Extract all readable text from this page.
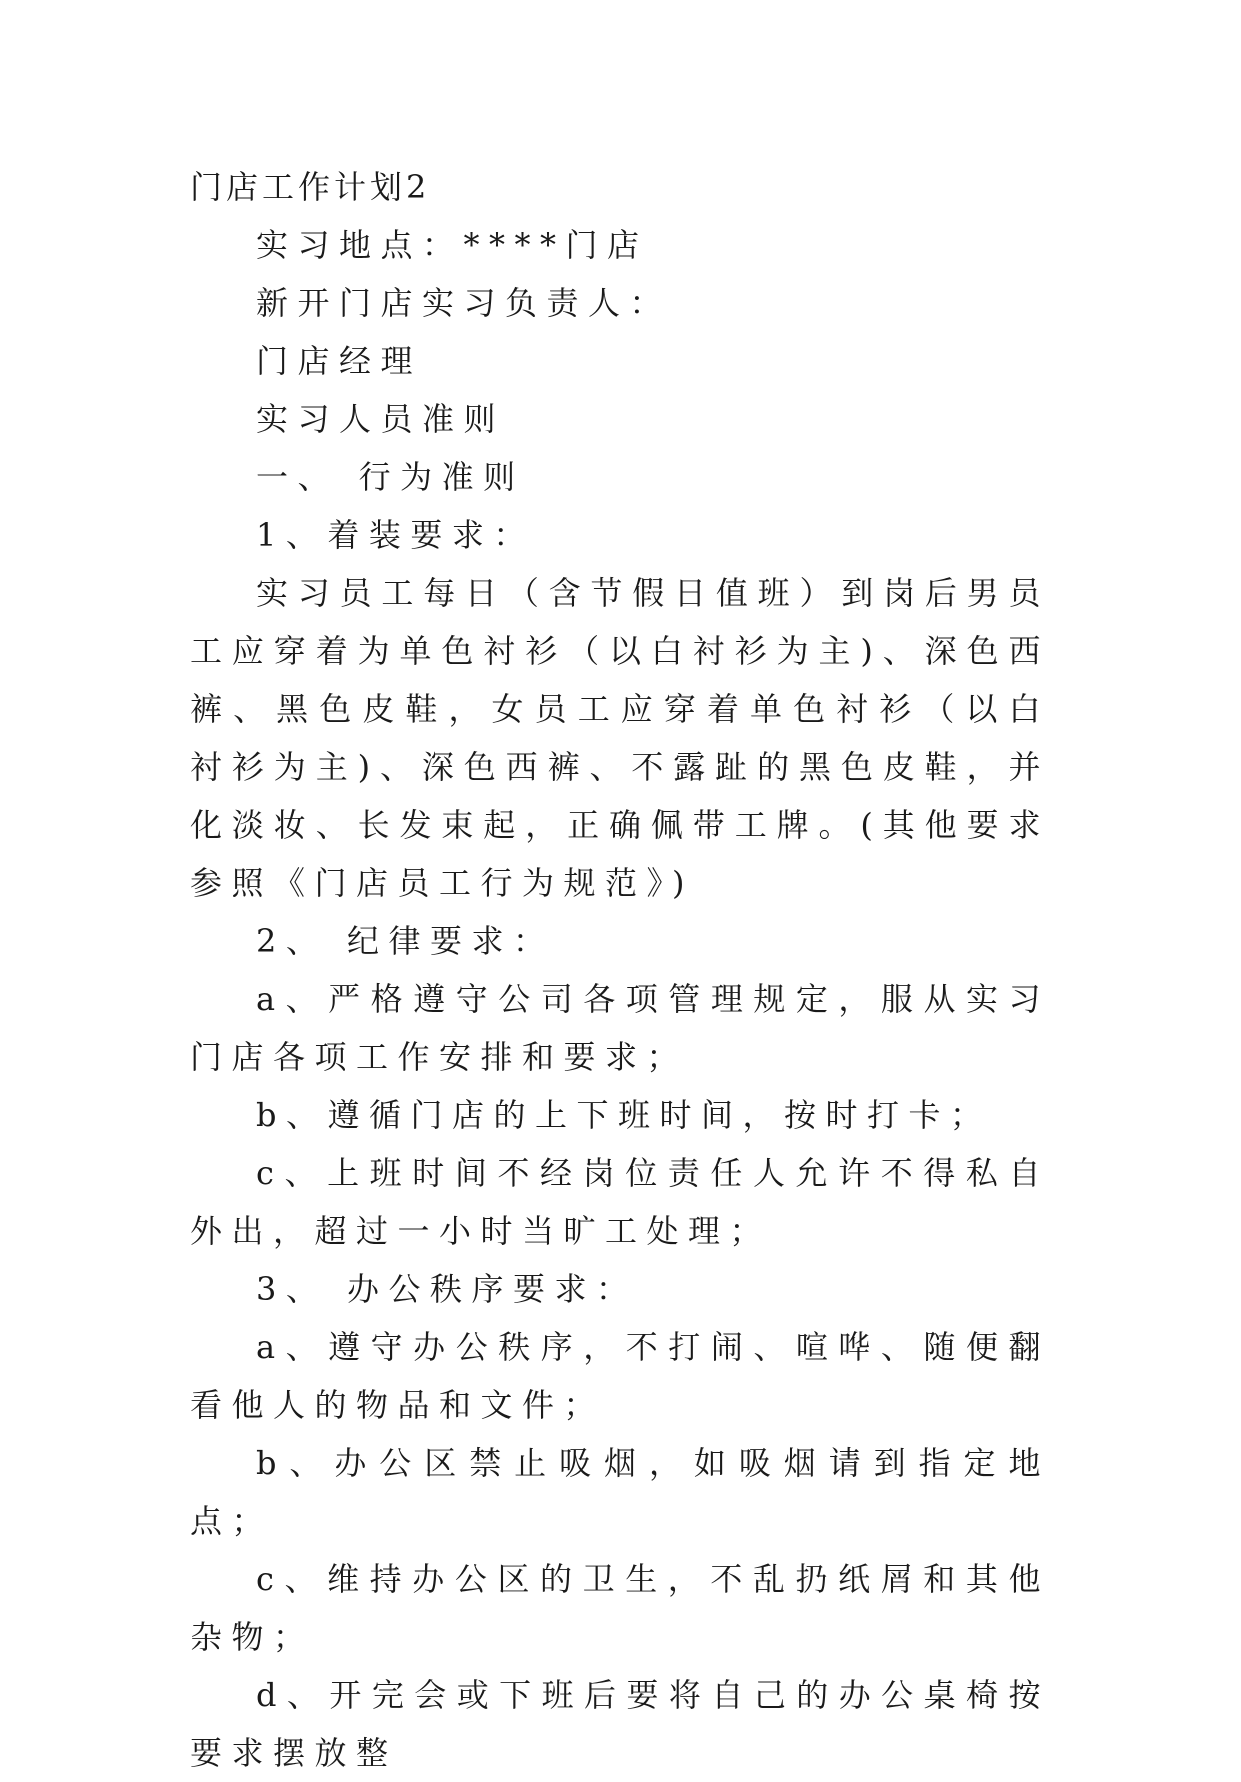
门店工作计划2

实习地点：****门店

新开门店实习负责人：

门店经理

实习人员准则

一、 行为准则

1、着装要求：

实习员工每日（含节假日值班）到岗后男员工应穿着为单色衬衫（以白衬衫为主)、深色西裤、黑色皮鞋，女员工应穿着单色衬衫（以白衬衫为主)、深色西裤、不露趾的黑色皮鞋，并化淡妆、长发束起，正确佩带工牌。(其他要求参照《门店员工行为规范》)

2、 纪律要求：

a、严格遵守公司各项管理规定，服从实习门店各项工作安排和要求；

b、遵循门店的上下班时间，按时打卡；

c、上班时间不经岗位责任人允许不得私自外出，超过一小时当旷工处理；

3、 办公秩序要求：

a、遵守办公秩序，不打闹、喧哗、随便翻看他人的物品和文件；

b、办公区禁止吸烟，如吸烟请到指定地点；

c、维持办公区的卫生，不乱扔纸屑和其他杂物；

d、开完会或下班后要将自己的办公桌椅按要求摆放整
